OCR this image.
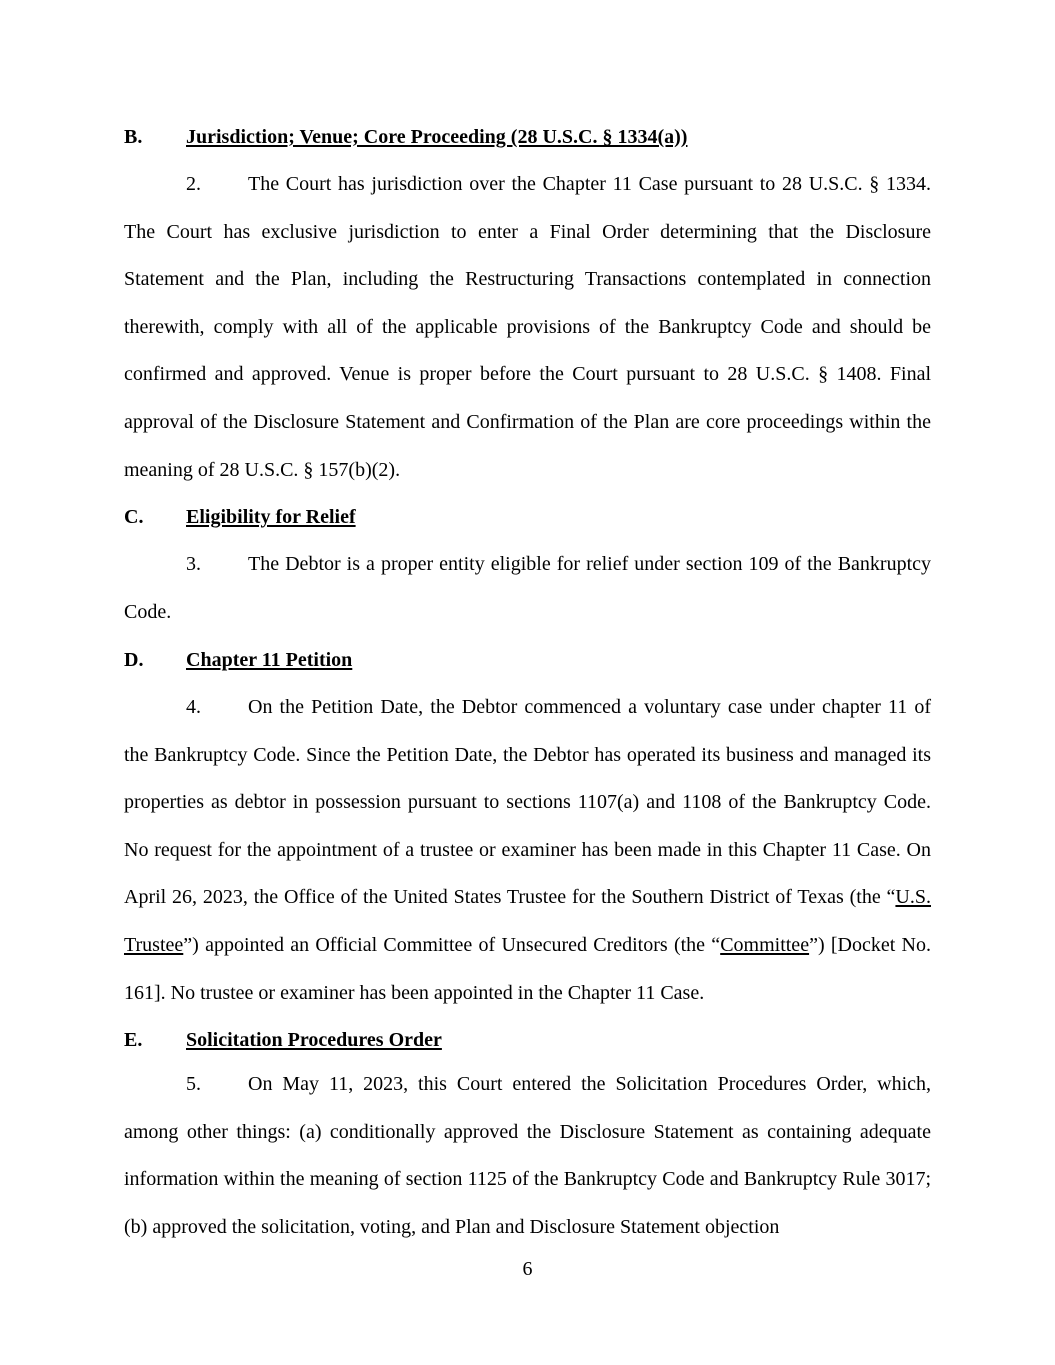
B. Jurisdiction; Venue; Core Proceeding (28 U.S.C. § 1334(a))

2. The Court has jurisdiction over the Chapter 11 Case pursuant to 28 U.S.C. § 1334. The Court has exclusive jurisdiction to enter a Final Order determining that the Disclosure Statement and the Plan, including the Restructuring Transactions contemplated in connection therewith, comply with all of the applicable provisions of the Bankruptcy Code and should be confirmed and approved. Venue is proper before the Court pursuant to 28 U.S.C. § 1408. Final approval of the Disclosure Statement and Confirmation of the Plan are core proceedings within the meaning of 28 U.S.C. § 157(b)(2).

C. Eligibility for Relief

3. The Debtor is a proper entity eligible for relief under section 109 of the Bankruptcy Code.

D. Chapter 11 Petition

4. On the Petition Date, the Debtor commenced a voluntary case under chapter 11 of the Bankruptcy Code. Since the Petition Date, the Debtor has operated its business and managed its properties as debtor in possession pursuant to sections 1107(a) and 1108 of the Bankruptcy Code. No request for the appointment of a trustee or examiner has been made in this Chapter 11 Case. On April 26, 2023, the Office of the United States Trustee for the Southern District of Texas (the “U.S. Trustee”) appointed an Official Committee of Unsecured Creditors (the “Committee”) [Docket No. 161]. No trustee or examiner has been appointed in the Chapter 11 Case.

E. Solicitation Procedures Order

5. On May 11, 2023, this Court entered the Solicitation Procedures Order, which, among other things: (a) conditionally approved the Disclosure Statement as containing adequate information within the meaning of section 1125 of the Bankruptcy Code and Bankruptcy Rule 3017; (b) approved the solicitation, voting, and Plan and Disclosure Statement objection

6
